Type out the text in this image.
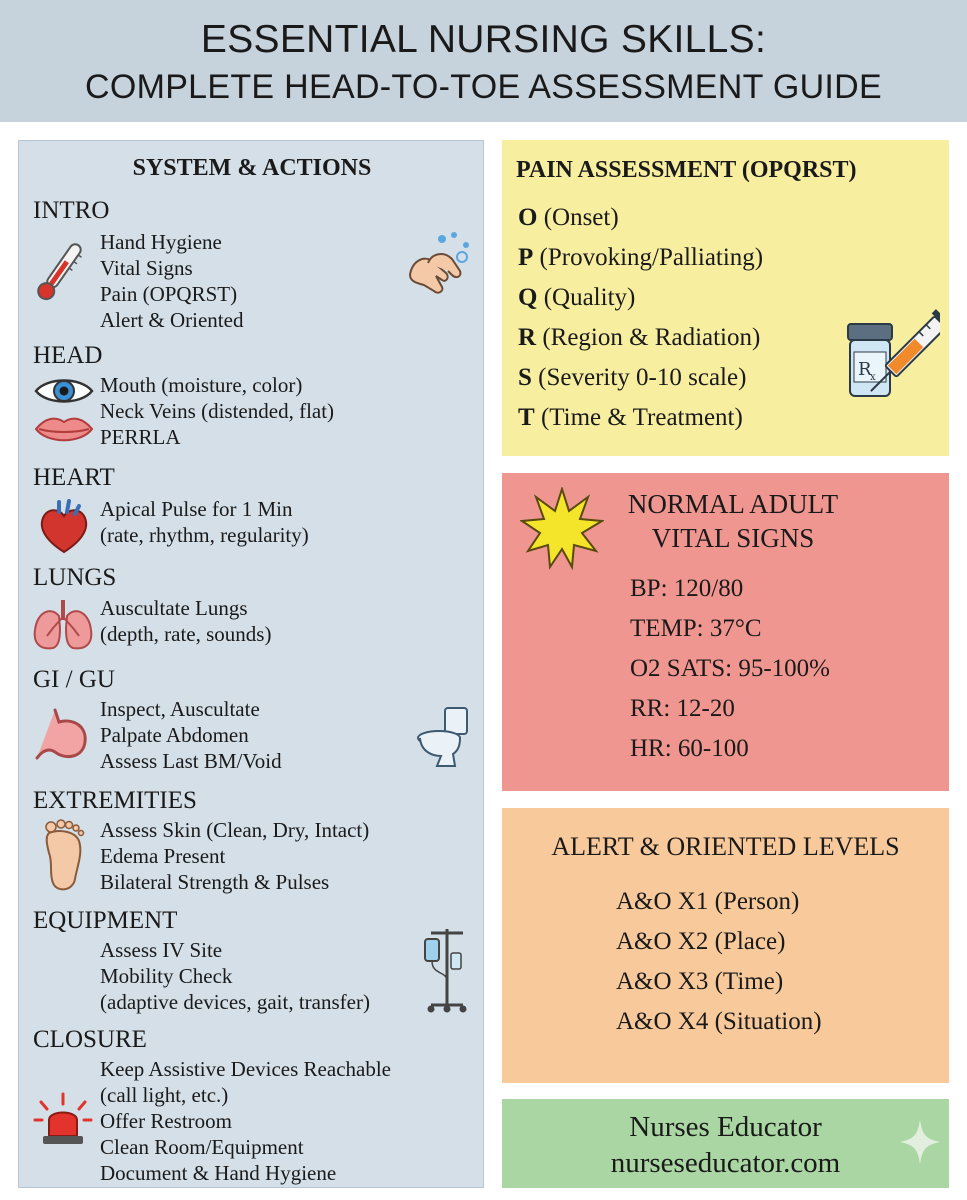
ESSENTIAL NURSING SKILLS:
COMPLETE HEAD-TO-TOE ASSESSMENT GUIDE
SYSTEM & ACTIONS
INTRO
Hand Hygiene
Vital Signs
Pain (OPQRST)
Alert & Oriented
HEAD
Mouth (moisture, color)
Neck Veins (distended, flat)
PERRLA
HEART
Apical Pulse for 1 Min
(rate, rhythm, regularity)
LUNGS
Auscultate Lungs
(depth, rate, sounds)
GI / GU
Inspect, Auscultate
Palpate Abdomen
Assess Last BM/Void
EXTREMITIES
Assess Skin (Clean, Dry, Intact)
Edema Present
Bilateral Strength & Pulses
EQUIPMENT
Assess IV Site
Mobility Check
(adaptive devices, gait, transfer)
CLOSURE
Keep Assistive Devices Reachable
(call light, etc.)
Offer Restroom
Clean Room/Equipment
Document & Hand Hygiene
PAIN ASSESSMENT (OPQRST)
O (Onset)
P (Provoking/Palliating)
Q (Quality)
R (Region & Radiation)
S (Severity 0-10 scale)
T (Time & Treatment)
R
x
NORMAL ADULT
VITAL SIGNS
BP: 120/80
TEMP: 37°C
O2 SATS: 95-100%
RR: 12-20
HR: 60-100
ALERT & ORIENTED LEVELS
A&O X1 (Person)
A&O X2 (Place)
A&O X3 (Time)
A&O X4 (Situation)
Nurses Educator
nurseseducator.com
